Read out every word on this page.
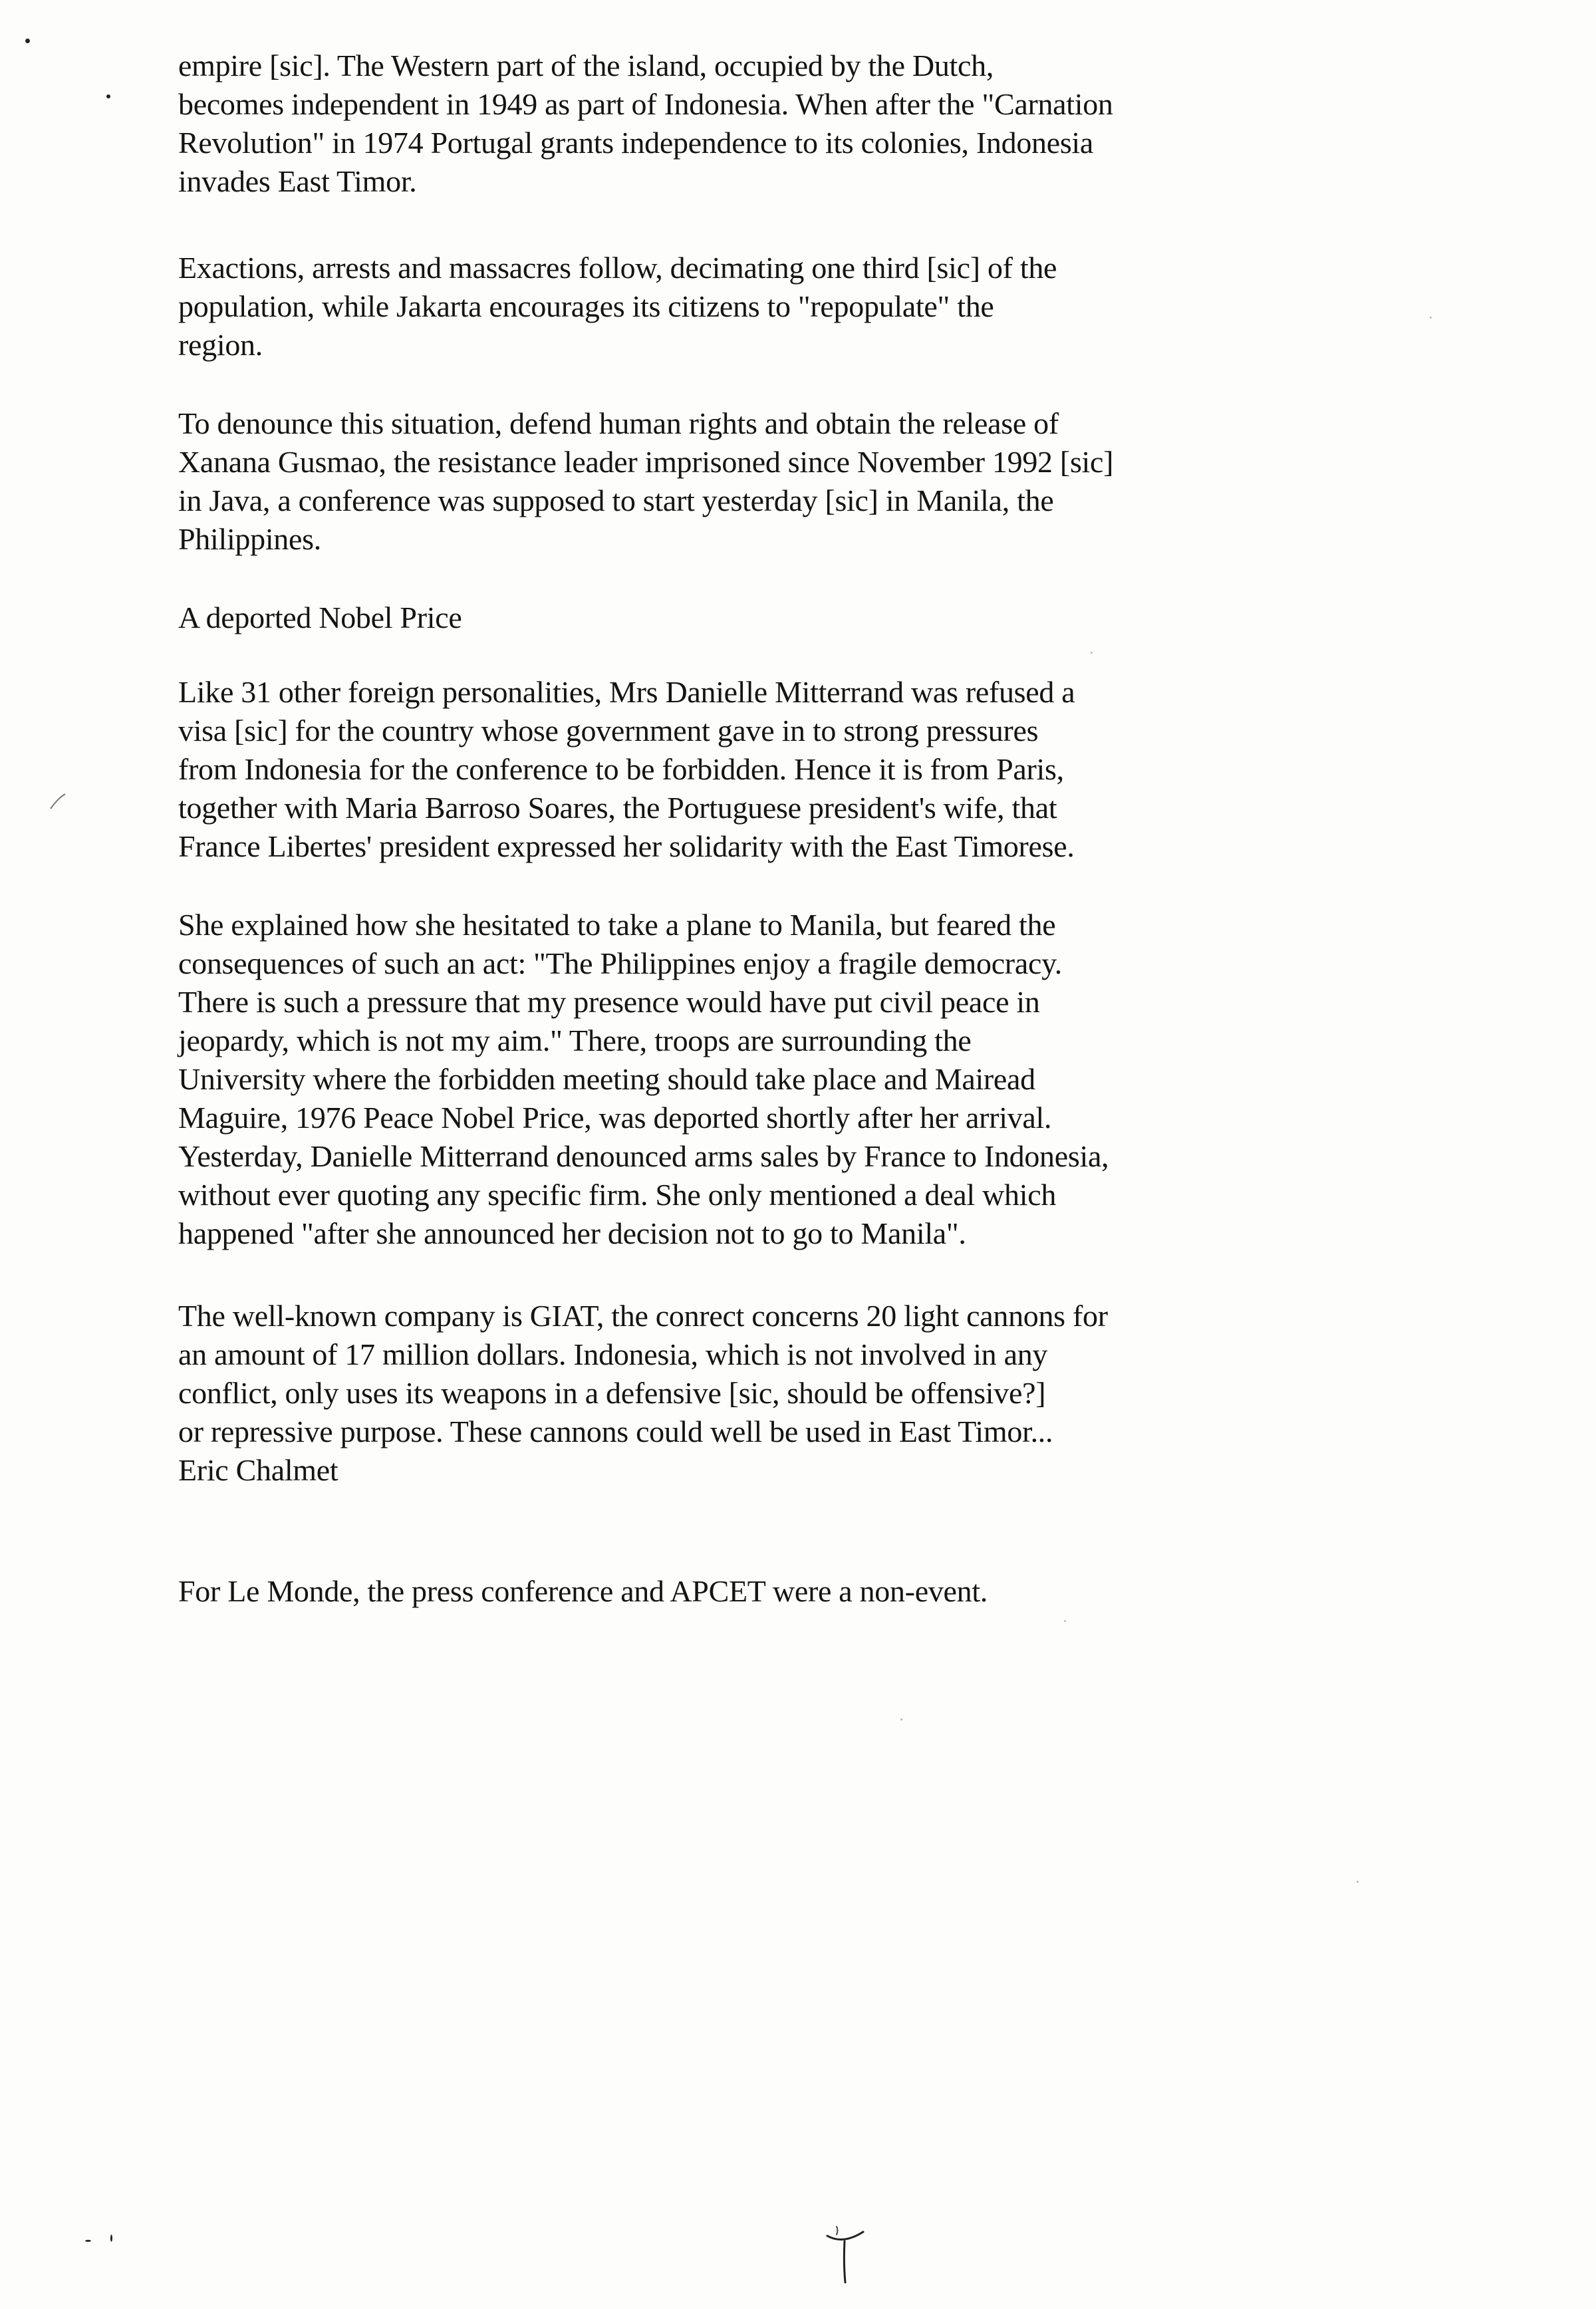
empire [sic]. The Western part of the island, occupied by the Dutch,
becomes independent in 1949 as part of Indonesia. When after the "Carnation
Revolution" in 1974 Portugal grants independence to its colonies, Indonesia
invades East Timor.
Exactions, arrests and massacres follow, decimating one third [sic] of the
population, while Jakarta encourages its citizens to "repopulate" the
region.
To denounce this situation, defend human rights and obtain the release of
Xanana Gusmao, the resistance leader imprisoned since November 1992 [sic]
in Java, a conference was supposed to start yesterday [sic] in Manila, the
Philippines.
A deported Nobel Price
Like 31 other foreign personalities, Mrs Danielle Mitterrand was refused a
visa [sic] for the country whose government gave in to strong pressures
from Indonesia for the conference to be forbidden. Hence it is from Paris,
together with Maria Barroso Soares, the Portuguese president's wife, that
France Libertes' president expressed her solidarity with the East Timorese.
She explained how she hesitated to take a plane to Manila, but feared the
consequences of such an act: "The Philippines enjoy a fragile democracy.
There is such a pressure that my presence would have put civil peace in
jeopardy, which is not my aim." There, troops are surrounding the
University where the forbidden meeting should take place and Mairead
Maguire, 1976 Peace Nobel Price, was deported shortly after her arrival.
Yesterday, Danielle Mitterrand denounced arms sales by France to Indonesia,
without ever quoting any specific firm. She only mentioned a deal which
happened "after she announced her decision not to go to Manila".
The well-known company is GIAT, the conrect concerns 20 light cannons for
an amount of 17 million dollars. Indonesia, which is not involved in any
conflict, only uses its weapons in a defensive [sic, should be offensive?]
or repressive purpose. These cannons could well be used in East Timor...
Eric Chalmet
For Le Monde, the press conference and APCET were a non-event.
